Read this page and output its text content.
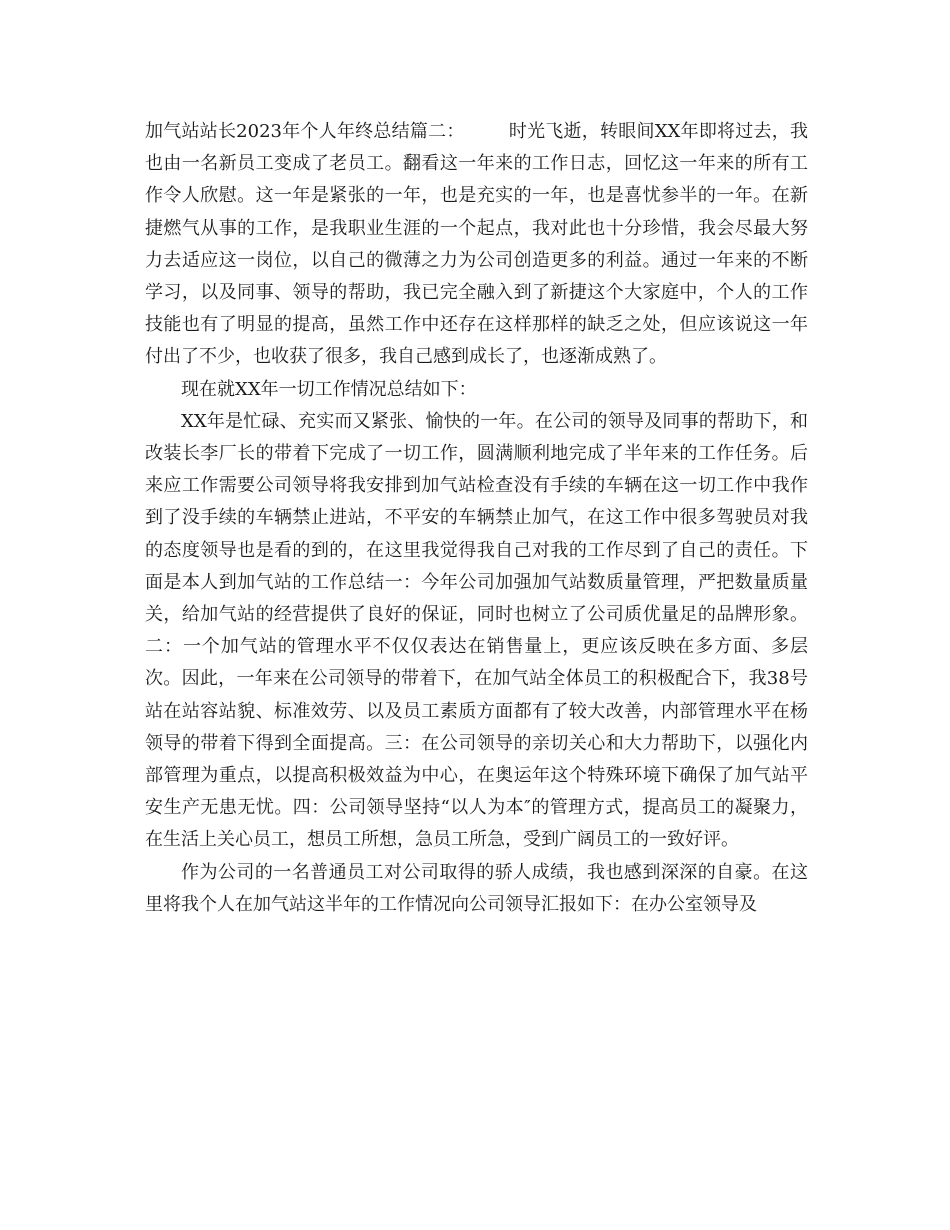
加气站站长2023年个人年终总结篇二： 时光飞逝，转眼间XX年即将过去，我也由一名新员工变成了老员工。翻看这一年来的工作日志，回忆这一年来的所有工作令人欣慰。这一年是紧张的一年，也是充实的一年，也是喜忧参半的一年。在新捷燃气从事的工作，是我职业生涯的一个起点，我对此也十分珍惜，我会尽最大努力去适应这一岗位，以自己的微薄之力为公司创造更多的利益。通过一年来的不断学习，以及同事、领导的帮助，我已完全融入到了新捷这个大家庭中，个人的工作技能也有了明显的提高，虽然工作中还存在这样那样的缺乏之处，但应该说这一年付出了不少，也收获了很多，我自己感到成长了，也逐渐成熟了。

现在就XX年一切工作情况总结如下：

XX年是忙碌、充实而又紧张、愉快的一年。在公司的领导及同事的帮助下，和改装长李厂长的带着下完成了一切工作，圆满顺利地完成了半年来的工作任务。后来应工作需要公司领导将我安排到加气站检查没有手续的车辆在这一切工作中我作到了没手续的车辆禁止进站，不平安的车辆禁止加气，在这工作中很多驾驶员对我的态度领导也是看的到的，在这里我觉得我自己对我的工作尽到了自己的责任。下面是本人到加气站的工作总结一：今年公司加强加气站数质量管理，严把数量质量关，给加气站的经营提供了良好的保证，同时也树立了公司质优量足的品牌形象。二：一个加气站的管理水平不仅仅表达在销售量上，更应该反映在多方面、多层次。因此，一年来在公司领导的带着下，在加气站全体员工的积极配合下，我38号站在站容站貌、标准效劳、以及员工素质方面都有了较大改善，内部管理水平在杨领导的带着下得到全面提高。三：在公司领导的亲切关心和大力帮助下，以强化内部管理为重点，以提高积极效益为中心，在奥运年这个特殊环境下确保了加气站平安生产无患无忧。四：公司领导坚持“以人为本″的管理方式，提高员工的凝聚力，在生活上关心员工，想员工所想，急员工所急，受到广阔员工的一致好评。

作为公司的一名普通员工对公司取得的骄人成绩，我也感到深深的自豪。在这里将我个人在加气站这半年的工作情况向公司领导汇报如下：在办公室领导及
